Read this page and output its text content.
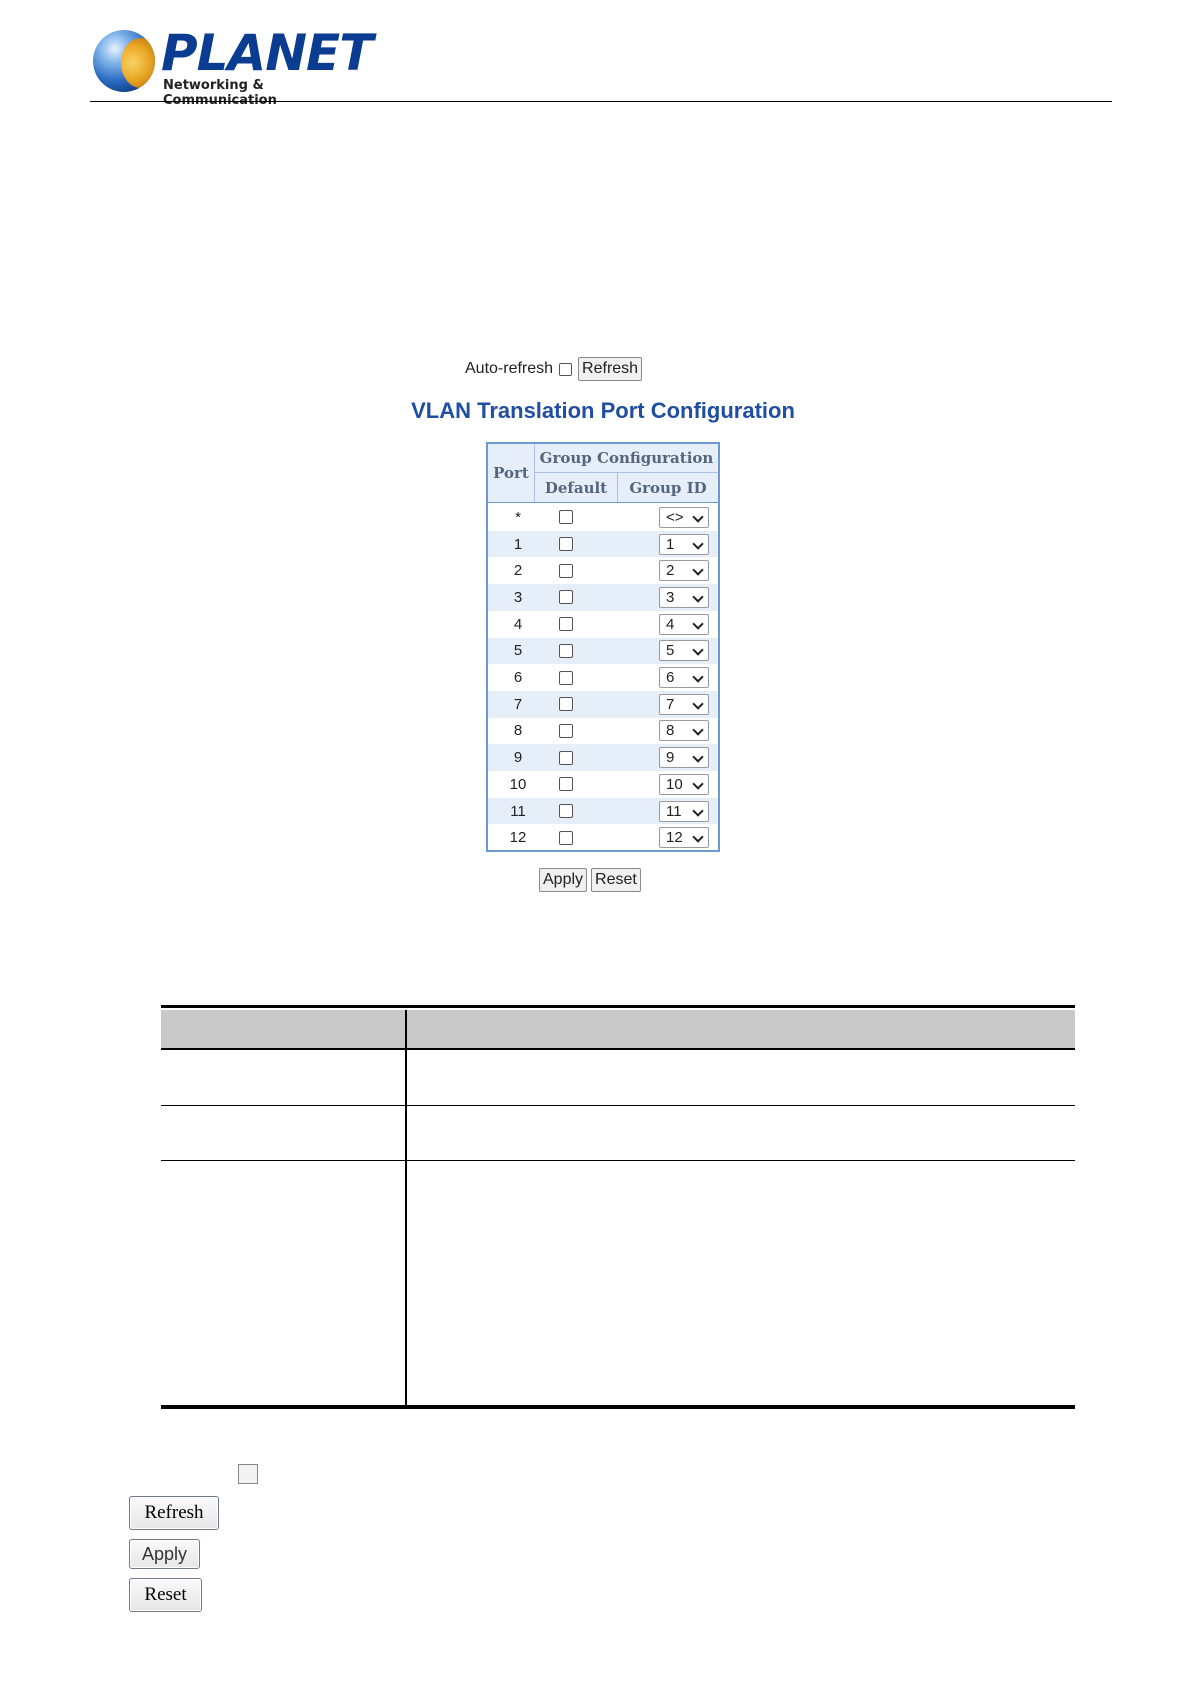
PLANET
Networking & Communication
Auto-refresh Refresh
VLAN Translation Port Configuration
Port
Group Configuration
Default	Group ID
*	<>
1	1
2	2
3	3
4	4
5	5
6	6
7	7
8	8
9	9
10	10
11	11
12	12
Apply Reset
Refresh
Apply
Reset
